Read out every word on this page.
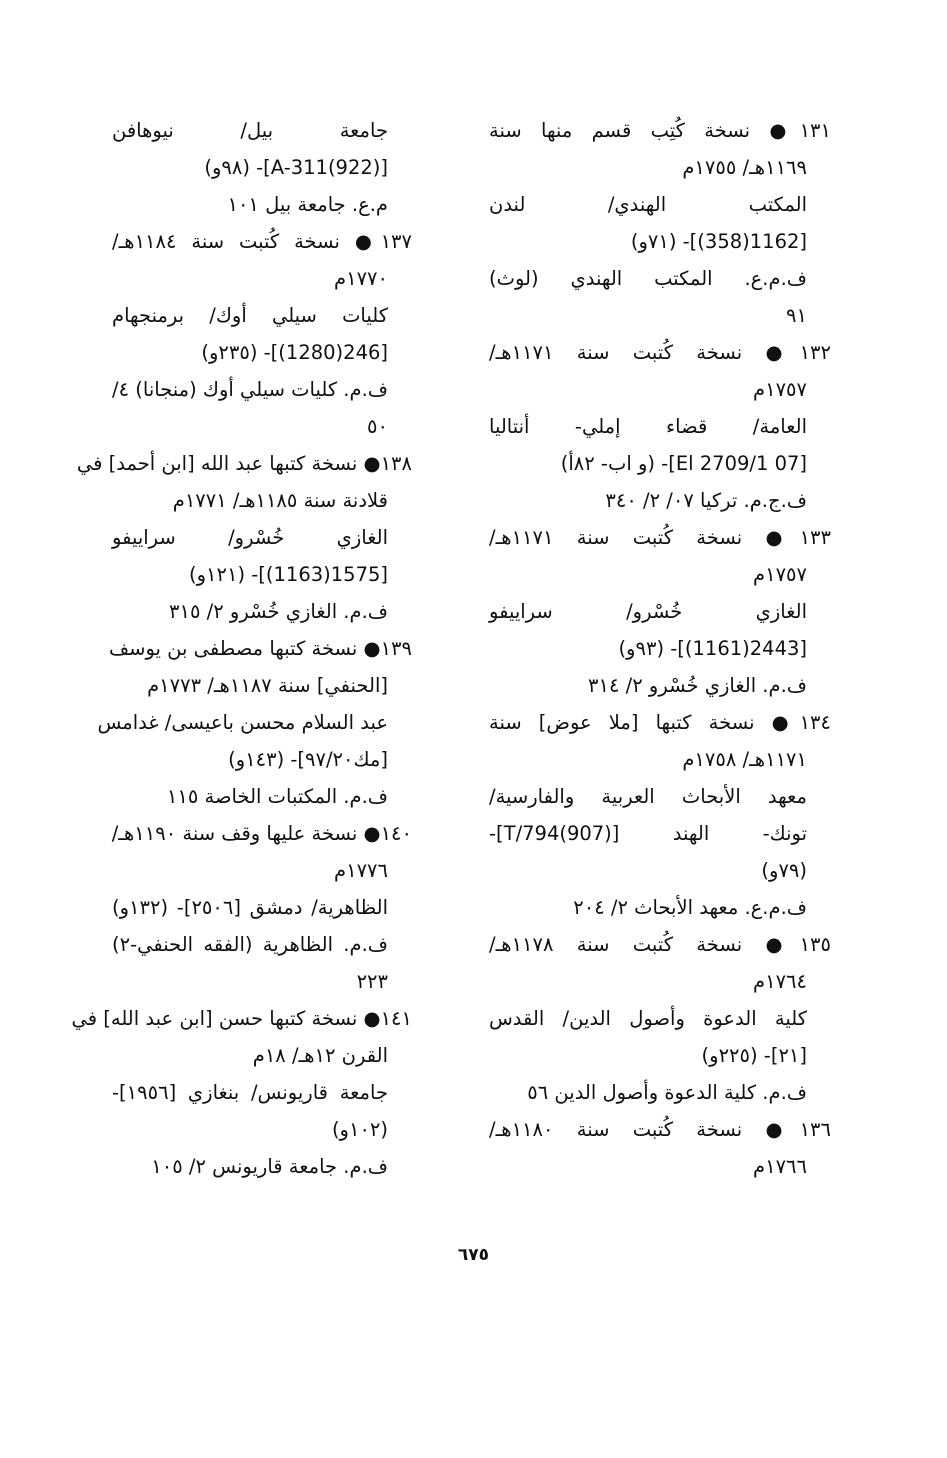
١٣١● نسخة كُتِب قسم منها سنة
١١٦٩هـ/ ١٧٥٥م
المكتب الهندي/ لندن
[1162(358)]- (٧١و)
ف.م.ع. المكتب الهندي (لوث)
٩١
١٣٢● نسخة كُتبت سنة ١١٧١هـ/
١٧٥٧م
العامة/ قضاء إملي- أنتاليا
[07 El 2709/1]- (و اب- ٨٢أ)
ف.ج.م. تركيا ٠٧/ ٢/ ٣٤٠
١٣٣● نسخة كُتبت سنة ١١٧١هـ/
١٧٥٧م
الغازي خُسْرو/ سراييفو
[2443(1161)]- (٩٣و)
ف.م. الغازي خُسْرو ٢/ ٣١٤
١٣٤● نسخة كتبها [ملا عوض] سنة
١١٧١هـ/ ١٧٥٨م
معهد الأبحاث العربية والفارسية/
تونك- الهند [T/794(907)]-
(٧٩و)
ف.م.ع. معهد الأبحاث ٢/ ٢٠٤
١٣٥● نسخة كُتبت سنة ١١٧٨هـ/
١٧٦٤م
كلية الدعوة وأصول الدين/ القدس
[٢١]- (٢٢٥و)
ف.م. كلية الدعوة وأصول الدين ٥٦
١٣٦● نسخة كُتبت سنة ١١٨٠هـ/
١٧٦٦م
جامعة بيل/ نيوهافن
[A-311(922)]- (٩٨و)
م.ع. جامعة بيل ١٠١
١٣٧● نسخة كُتبت سنة ١١٨٤هـ/
١٧٧٠م
كليات سيلي أوك/ برمنجهام
[246(1280)]- (٢٣٥و)
ف.م. كليات سيلي أوك (منجانا) ٤/
٥٠
١٣٨● نسخة كتبها عبد الله [ابن أحمد] في
قلادنة سنة ١١٨٥هـ/ ١٧٧١م
الغازي خُسْرو/ سراييفو
[1575(1163)]- (١٢١و)
ف.م. الغازي خُسْرو ٢/ ٣١٥
١٣٩● نسخة كتبها مصطفى بن يوسف
[الحنفي] سنة ١١٨٧هـ/ ١٧٧٣م
عبد السلام محسن باعيسى/ غدامس
[مك٩٧/٢٠]- (١٤٣و)
ف.م. المكتبات الخاصة ١١٥
١٤٠● نسخة عليها وقف سنة ١١٩٠هـ/
١٧٧٦م
الظاهرية/ دمشق [٢٥٠٦]- (١٣٢و)
ف.م. الظاهرية (الفقه الحنفي-٢)
٢٢٣
١٤١● نسخة كتبها حسن [ابن عبد الله] في
القرن ١٢هـ/ ١٨م
جامعة قاريونس/ بنغازي [١٩٥٦]-
(١٠٢و)
ف.م. جامعة قاريونس ٢/ ١٠٥
٦٧٥
